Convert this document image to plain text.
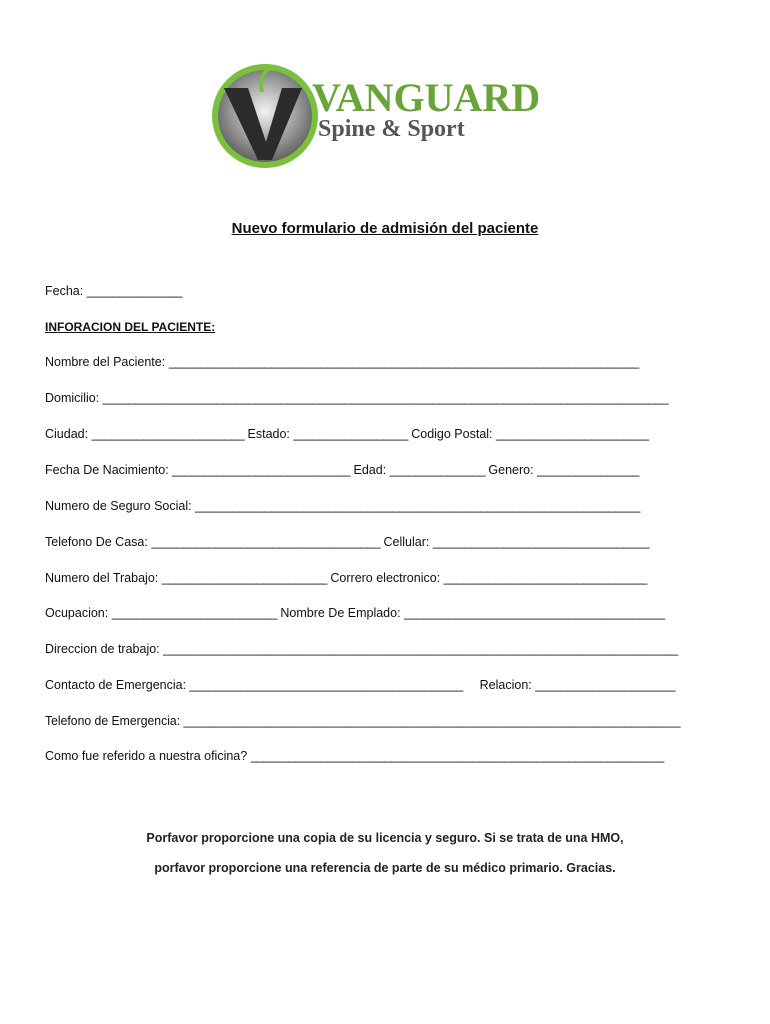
VANGUARD
Spine & Sport
Nuevo formulario de admisión del paciente
Fecha: _______________
INFORACION DEL PACIENTE:
Nombre del Paciente: __________________________________________________________________________
Domicilio: _________________________________________________________________________________________
Ciudad: ________________________ Estado: __________________ Codigo Postal: ________________________
Fecha De Nacimiento: ____________________________ Edad: _______________ Genero: ________________
Numero de Seguro Social: ______________________________________________________________________
Telefono De Casa: ____________________________________ Cellular: __________________________________
Numero del Trabajo: __________________________ Correro electronico: ________________________________
Ocupacion: __________________________ Nombre De Emplado: _________________________________________
Direccion de trabajo: _________________________________________________________________________________
Contacto de Emergencia: ___________________________________________ Relacion: ______________________
Telefono de Emergencia: ________________________________________________________________________________
Como fue referido a nuestra oficina? _________________________________________________________________
Porfavor proporcione una copia de su licencia y seguro. Si se trata de una HMO,
porfavor proporcione una referencia de parte de su médico primario. Gracias.
